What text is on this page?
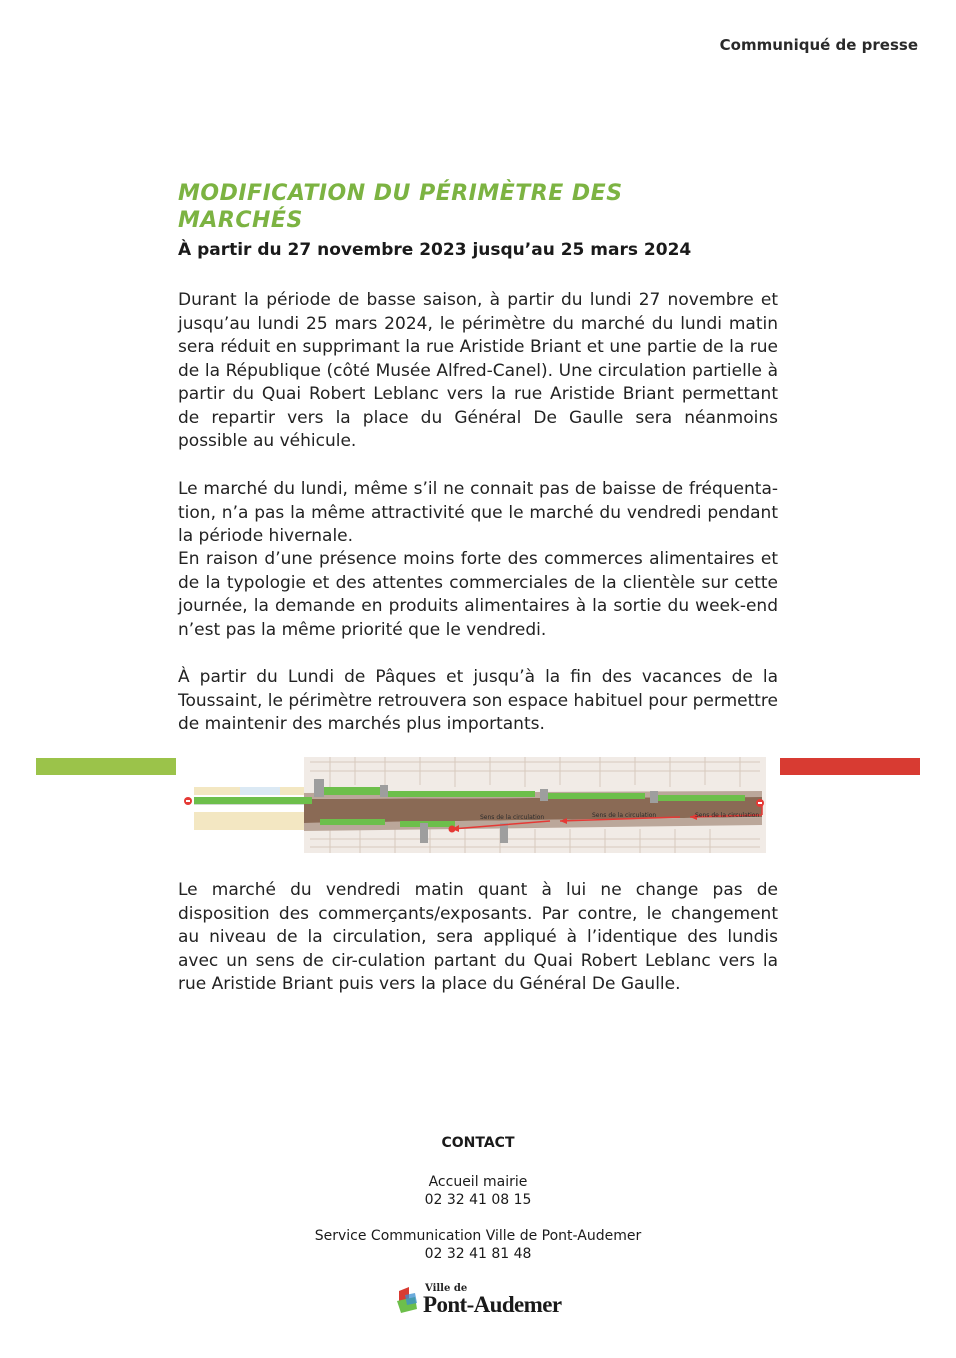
Communiqué de presse
MODIFICATION DU PÉRIMÈTRE DES MARCHÉS
À partir du 27 novembre 2023 jusqu’au 25 mars 2024

Durant la période de basse saison, à partir du lundi 27 novembre et jusqu’au lundi 25 mars 2024, le périmètre du marché du lundi matin sera réduit en supprimant la rue Aristide Briant et une partie de la rue de la République (côté Musée Alfred-Canel). Une circulation partielle à partir du Quai Robert Leblanc vers la rue Aristide Briant permettant de repartir vers la place du Général De Gaulle sera néanmoins possible au véhicule.

Le marché du lundi, même s’il ne connait pas de baisse de fréquenta-tion, n’a pas la même attractivité que le marché du vendredi pendant la période hivernale.

En raison d’une présence moins forte des commerces alimentaires et de la typologie et des attentes commerciales de la clientèle sur cette journée, la demande en produits alimentaires à la sortie du week-end n’est pas la même priorité que le vendredi.

À partir du Lundi de Pâques et jusqu’à la fin des vacances de la Toussaint, le périmètre retrouvera son espace habituel pour permettre de maintenir des marchés plus importants.

Sens de la circulation	Sens de la circulation	Sens de la circulation

Le marché du vendredi matin quant à lui ne change pas de disposition des commerçants/exposants. Par contre, le changement au niveau de la circulation, sera appliqué à l’identique des lundis avec un sens de cir-culation partant du Quai Robert Leblanc vers la rue Aristide Briant puis vers la place du Général De Gaulle.

CONTACT

Accueil mairie

02 32 41 08 15

Service Communication Ville de Pont-Audemer

02 32 41 81 48

Ville de
Pont-Audemer
